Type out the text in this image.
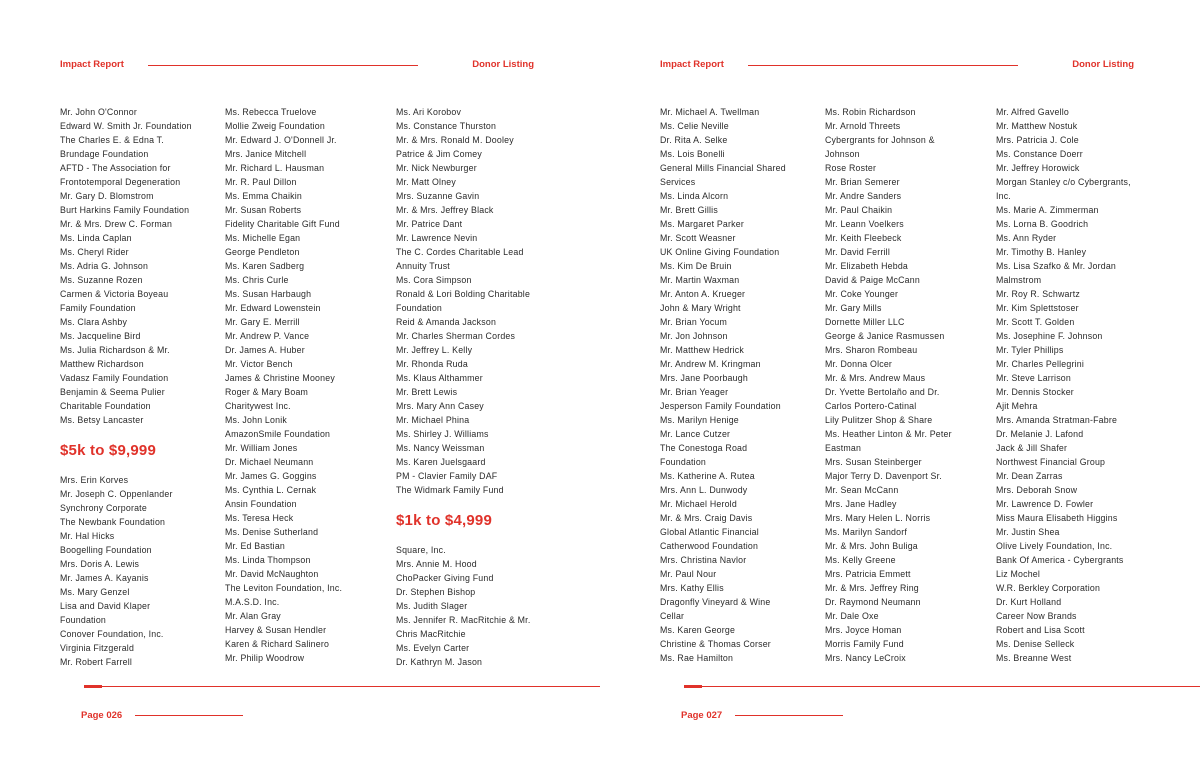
Impact Report	Donor Listing
Mr. John O'Connor
Edward W. Smith Jr. Foundation
The Charles E. & Edna T.
Brundage Foundation
AFTD - The Association for
Frontotemporal Degeneration
Mr. Gary D. Blomstrom
Burt Harkins Family Foundation
Mr. & Mrs. Drew C. Forman
Ms. Linda Caplan
Ms. Cheryl Rider
Ms. Adria G. Johnson
Ms. Suzanne Rozen
Carmen & Victoria Boyeau
Family Foundation
Ms. Clara Ashby
Ms. Jacqueline Bird
Ms. Julia Richardson & Mr.
Matthew Richardson
Vadasz Family Foundation
Benjamin & Seema Pulier
Charitable Foundation
Ms. Betsy Lancaster
$5k to $9,999
Mrs. Erin Korves
Mr. Joseph C. Oppenlander
Synchrony Corporate
The Newbank Foundation
Mr. Hal Hicks
Boogelling Foundation
Mrs. Doris A. Lewis
Mr. James A. Kayanis
Ms. Mary Genzel
Lisa and David Klaper
Foundation
Conover Foundation, Inc.
Virginia Fitzgerald
Mr. Robert Farrell
Ms. Rebecca Truelove
Mollie Zweig Foundation
Mr. Edward J. O'Donnell Jr.
Mrs. Janice Mitchell
Mr. Richard L. Hausman
Mr. R. Paul Dillon
Ms. Emma Chaikin
Mr. Susan Roberts
Fidelity Charitable Gift Fund
Ms. Michelle Egan
George Pendleton
Ms. Karen Sadberg
Ms. Chris Curle
Ms. Susan Harbaugh
Mr. Edward Lowenstein
Mr. Gary E. Merrill
Mr. Andrew P. Vance
Dr. James A. Huber
Mr. Victor Bench
James & Christine Mooney
Roger & Mary Boam
Charitywest Inc.
Ms. John Lonik
AmazonSmile Foundation
Mr. William Jones
Dr. Michael Neumann
Mr. James G. Goggins
Ms. Cynthia L. Cernak
Ansin Foundation
Ms. Teresa Heck
Ms. Denise Sutherland
Mr. Ed Bastian
Ms. Linda Thompson
Mr. David McNaughton
The Leviton Foundation, Inc.
M.A.S.D. Inc.
Mr. Alan Gray
Harvey & Susan Hendler
Karen & Richard Salinero
Mr. Philip Woodrow
Ms. Ari Korobov
Ms. Constance Thurston
Mr. & Mrs. Ronald M. Dooley
Patrice & Jim Comey
Mr. Nick Newburger
Mr. Matt Olney
Mrs. Suzanne Gavin
Mr. & Mrs. Jeffrey Black
Mr. Patrice Dant
Mr. Lawrence Nevin
The C. Cordes Charitable Lead
Annuity Trust
Ms. Cora Simpson
Ronald & Lori Bolding Charitable
Foundation
Reid & Amanda Jackson
Mr. Charles Sherman Cordes
Mr. Jeffrey L. Kelly
Mr. Rhonda Ruda
Ms. Klaus Althammer
Mr. Brett Lewis
Mrs. Mary Ann Casey
Mr. Michael Phina
Ms. Shirley J. Williams
Ms. Nancy Weissman
Ms. Karen Juelsgaard
PM - Clavier Family DAF
The Widmark Family Fund
$1k to $4,999
Square, Inc.
Mrs. Annie M. Hood
ChoPacker Giving Fund
Dr. Stephen Bishop
Ms. Judith Slager
Ms. Jennifer R. MacRitchie & Mr.
Chris MacRitchie
Ms. Evelyn Carter
Dr. Kathryn M. Jason
Page 026
Impact Report	Donor Listing
Mr. Michael A. Twellman
Ms. Celie Neville
Dr. Rita A. Selke
Ms. Lois Bonelli
General Mills Financial Shared
Services
Ms. Linda Alcorn
Mr. Brett Gillis
Ms. Margaret Parker
Mr. Scott Weasner
UK Online Giving Foundation
Ms. Kim De Bruin
Mr. Martin Waxman
Mr. Anton A. Krueger
John & Mary Wright
Mr. Brian Yocum
Mr. Jon Johnson
Mr. Matthew Hedrick
Mr. Andrew M. Kringman
Mrs. Jane Poorbaugh
Mr. Brian Yeager
Jesperson Family Foundation
Ms. Marilyn Henige
Mr. Lance Cutzer
The Conestoga Road
Foundation
Ms. Katherine A. Rutea
Mrs. Ann L. Dunwody
Mr. Michael Herold
Mr. & Mrs. Craig Davis
Global Atlantic Financial
Catherwood Foundation
Mrs. Christina Navlor
Mr. Paul Nour
Mrs. Kathy Ellis
Dragonfly Vineyard & Wine
Cellar
Ms. Karen George
Christine & Thomas Corser
Ms. Rae Hamilton
Ms. Robin Richardson
Mr. Arnold Threets
Cybergrants for Johnson &
Johnson
Rose Roster
Mr. Brian Semerer
Mr. Andre Sanders
Mr. Paul Chaikin
Mr. Leann Voelkers
Mr. Keith Fleebeck
Mr. David Ferrill
Mr. Elizabeth Hebda
David & Paige McCann
Mr. Coke Younger
Mr. Gary Mills
Dornette Miller LLC
George & Janice Rasmussen
Mrs. Sharon Rombeau
Mr. Donna Olcer
Mr. & Mrs. Andrew Maus
Dr. Yvette Bertolaño and Dr.
Carlos Portero-Catinal
Lily Pulitzer Shop & Share
Ms. Heather Linton & Mr. Peter
Eastman
Mrs. Susan Steinberger
Major Terry D. Davenport Sr.
Mr. Sean McCann
Mrs. Jane Hadley
Mrs. Mary Helen L. Norris
Ms. Marilyn Sandorf
Mr. & Mrs. John Buliga
Ms. Kelly Greene
Mrs. Patricia Emmett
Mr. & Mrs. Jeffrey Ring
Dr. Raymond Neumann
Mr. Dale Oxe
Mrs. Joyce Homan
Morris Family Fund
Mrs. Nancy LeCroix
Mr. Alfred Gavello
Mr. Matthew Nostuk
Mrs. Patricia J. Cole
Ms. Constance Doerr
Mr. Jeffrey Horowick
Morgan Stanley c/o Cybergrants,
Inc.
Ms. Marie A. Zimmerman
Ms. Lorna B. Goodrich
Ms. Ann Ryder
Mr. Timothy B. Hanley
Ms. Lisa Szafko & Mr. Jordan
Malmstrom
Mr. Roy R. Schwartz
Mr. Kim Splettstoser
Mr. Scott T. Golden
Ms. Josephine F. Johnson
Mr. Tyler Phillips
Mr. Charles Pellegrini
Mr. Steve Larrison
Mr. Dennis Stocker
Ajit Mehra
Mrs. Amanda Stratman-Fabre
Dr. Melanie J. Lafond
Jack & Jill Shafer
Northwest Financial Group
Mr. Dean Zarras
Mrs. Deborah Snow
Mr. Lawrence D. Fowler
Miss Maura Elisabeth Higgins
Mr. Justin Shea
Olive Lively Foundation, Inc.
Bank Of America - Cybergrants
Liz Mochel
W.R. Berkley Corporation
Dr. Kurt Holland
Career Now Brands
Robert and Lisa Scott
Ms. Denise Selleck
Ms. Breanne West
Page 027
